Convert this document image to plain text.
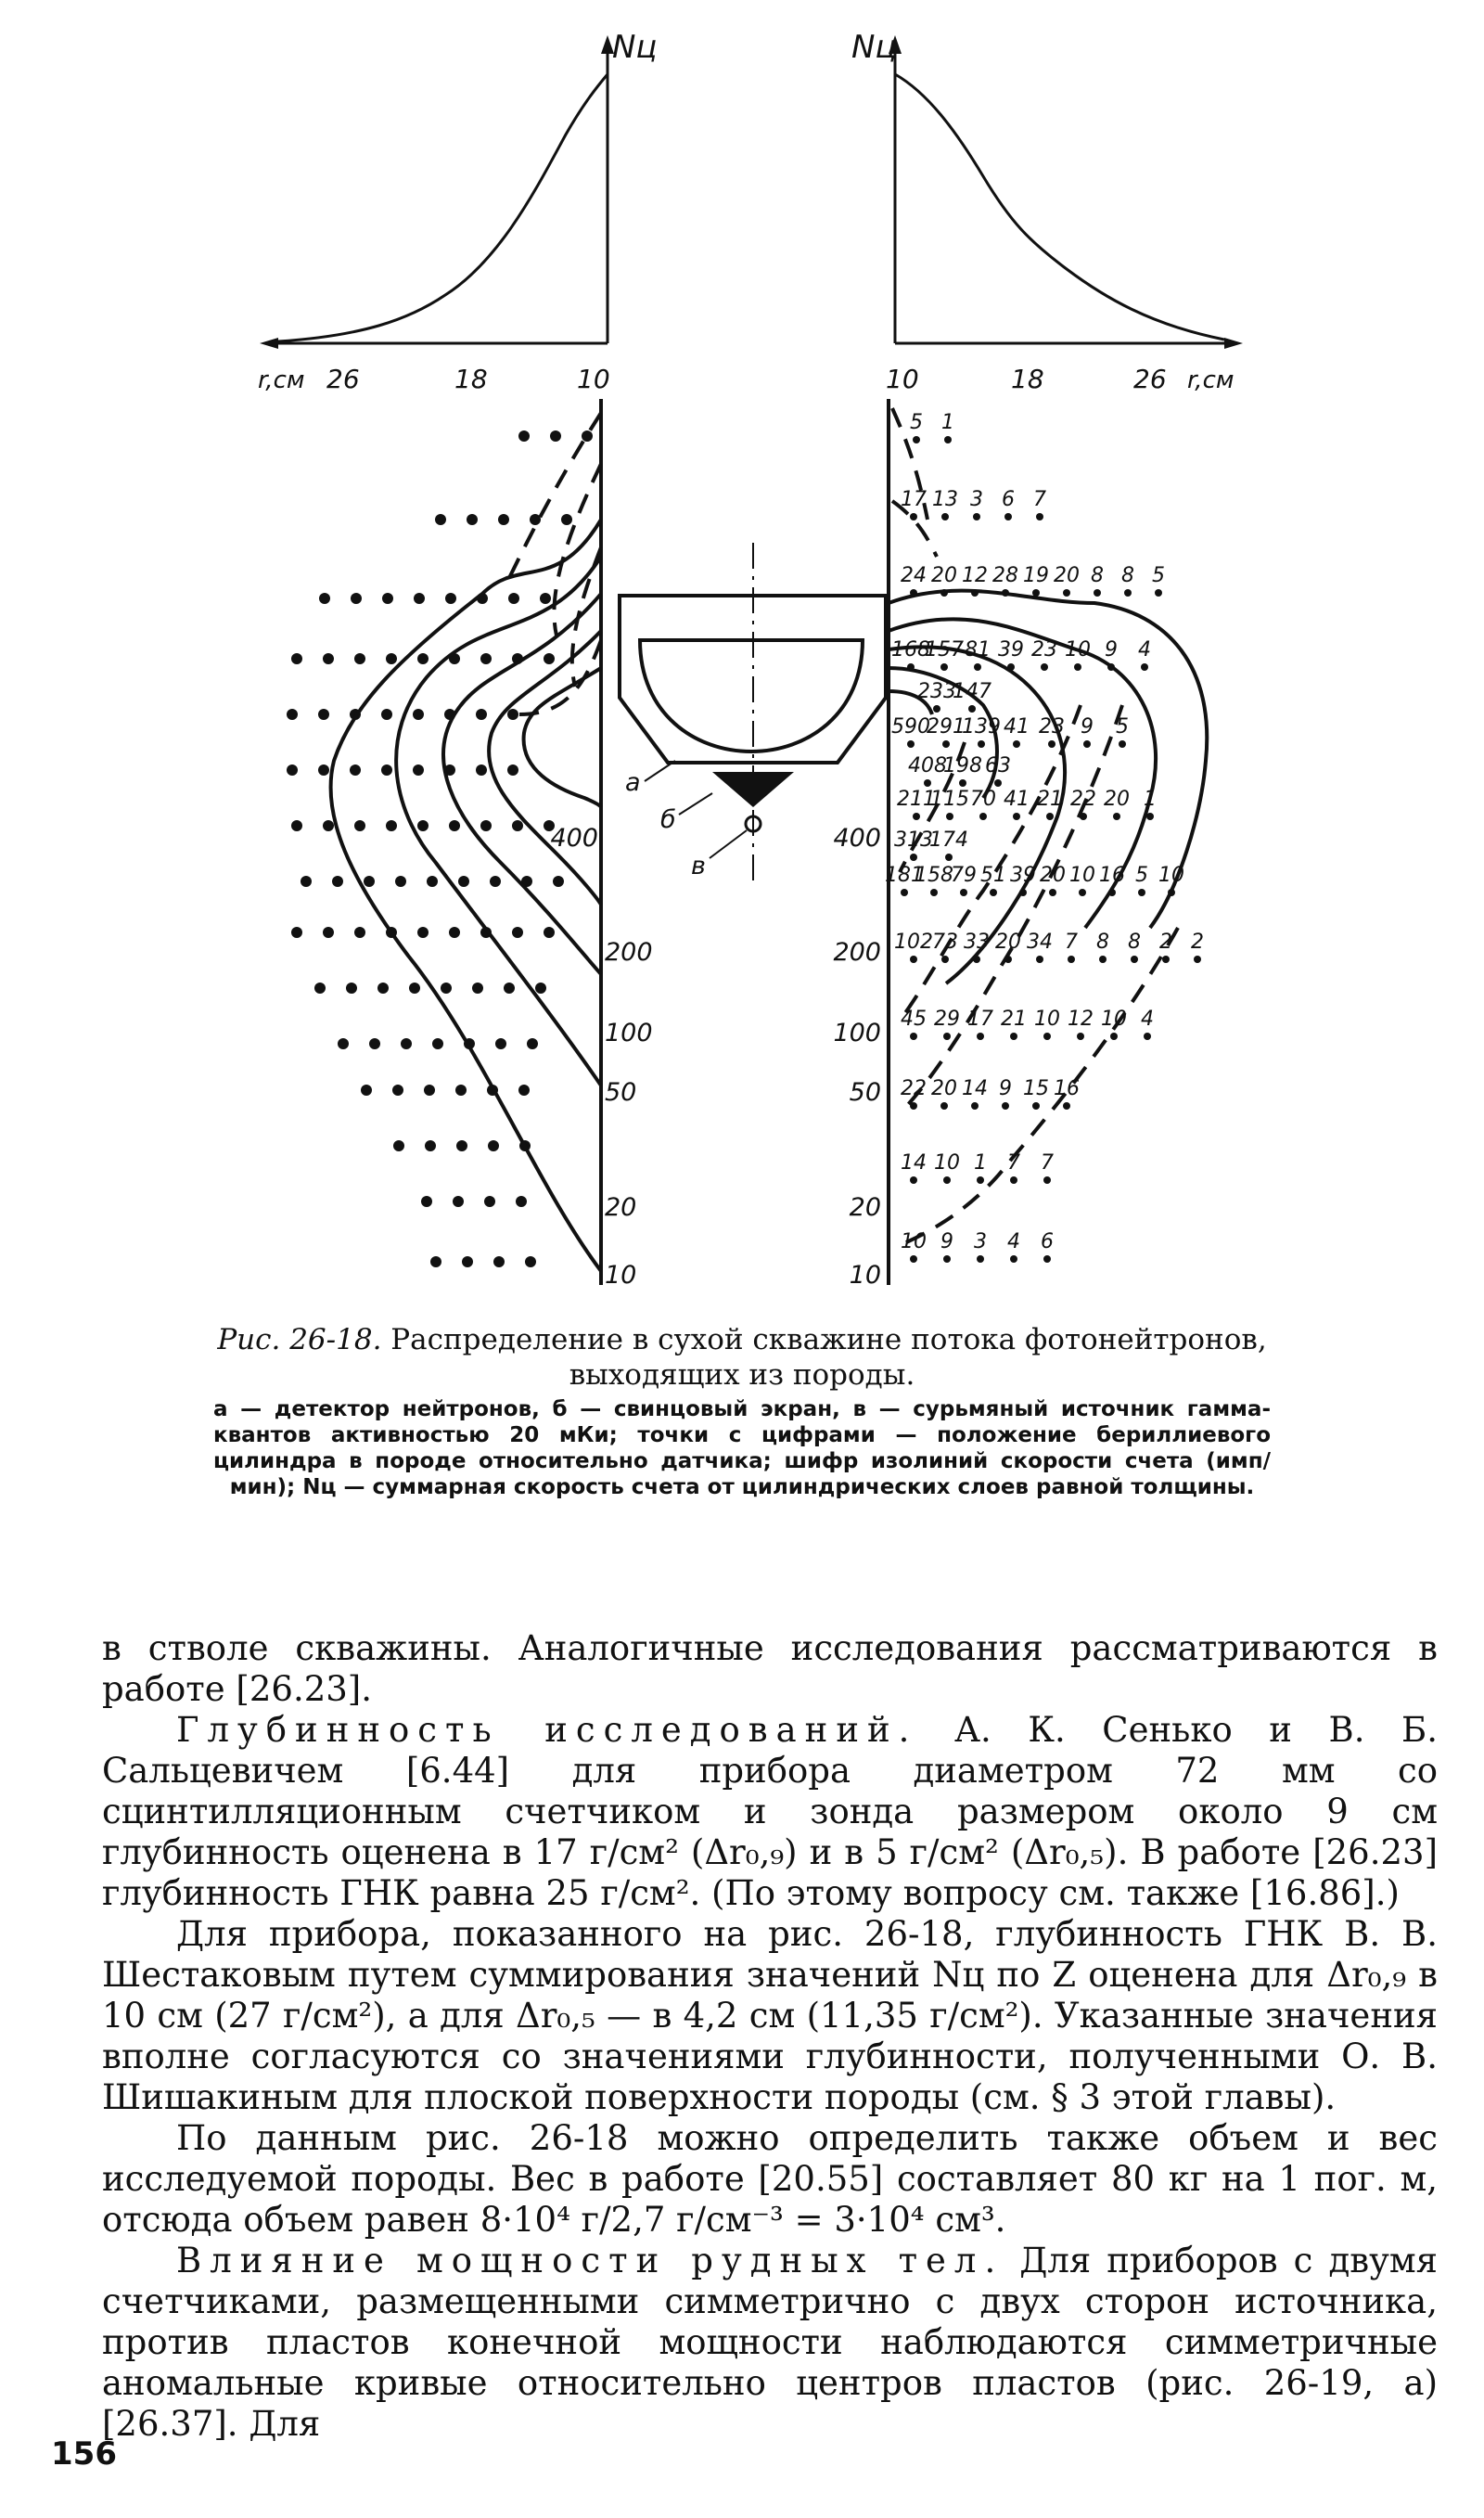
Nц
r,см 26	18	10
Nц
10	18	26 r,см
400
200
100
50
20
10
а
б
в
5 1
17 13 3 6 7
24 20 12 28 19 20 8 8 5
168
157 81 39 23 10 9 4
233
147
590
291
139 41 23 9 5
408
198 63
211
115 70 41 21 22 20 1
313
174
181
158
79 51 39 20 10 16 5 10
102 73 33 20 34 7 8 8 2 2
45 29 17 21 10 12 10 4
22 20 14 9 15 16
14 10 1 7 7
10 9 3 4 6
400
200
100
50
20
10
Рис. 26-18. Распределение в сухой скважине потока фотонейтронов, выходящих из породы.
а — детектор нейтронов, б — свинцовый экран, в — сурьмяный источник гамма-квантов активностью 20 мКи; точки с цифрами — положение бериллиевого цилиндра в породе относительно датчика; шифр изолиний скорости счета (имп/мин); Nц — суммарная скорость счета от цилиндрических слоев равной толщины.

в стволе скважины. Аналогичные исследования рассматриваются в работе [26.23].

Глубинность исследований. А. К. Сенько и В. Б. Сальцевичем [6.44] для прибора диаметром 72 мм со сцинтилляционным счетчиком и зонда размером около 9 см глубинность оценена в 17 г/см² (Δr₀,₉) и в 5 г/см² (Δr₀,₅). В работе [26.23] глубинность ГНК равна 25 г/см². (По этому вопросу см. также [16.86].)

Для прибора, показанного на рис. 26-18, глубинность ГНК В. В. Шестаковым путем суммирования значений Nц по Z оценена для Δr₀,₉ в 10 см (27 г/см²), а для Δr₀,₅ — в 4,2 см (11,35 г/см²). Указанные значения вполне согласуются со значениями глубинности, полученными О. В. Шишакиным для плоской поверхности породы (см. § 3 этой главы).

По данным рис. 26-18 можно определить также объем и вес исследуемой породы. Вес в работе [20.55] составляет 80 кг на 1 пог. м, отсюда объем равен 8·10⁴ г/2,7 г/см⁻³ = 3·10⁴ см³.

Влияние мощности рудных тел. Для приборов с двумя счетчиками, размещенными симметрично с двух сторон источника, против пластов конечной мощности наблюдаются симметричные аномальные кривые относительно центров пластов (рис. 26-19, а) [26.37]. Для

156
